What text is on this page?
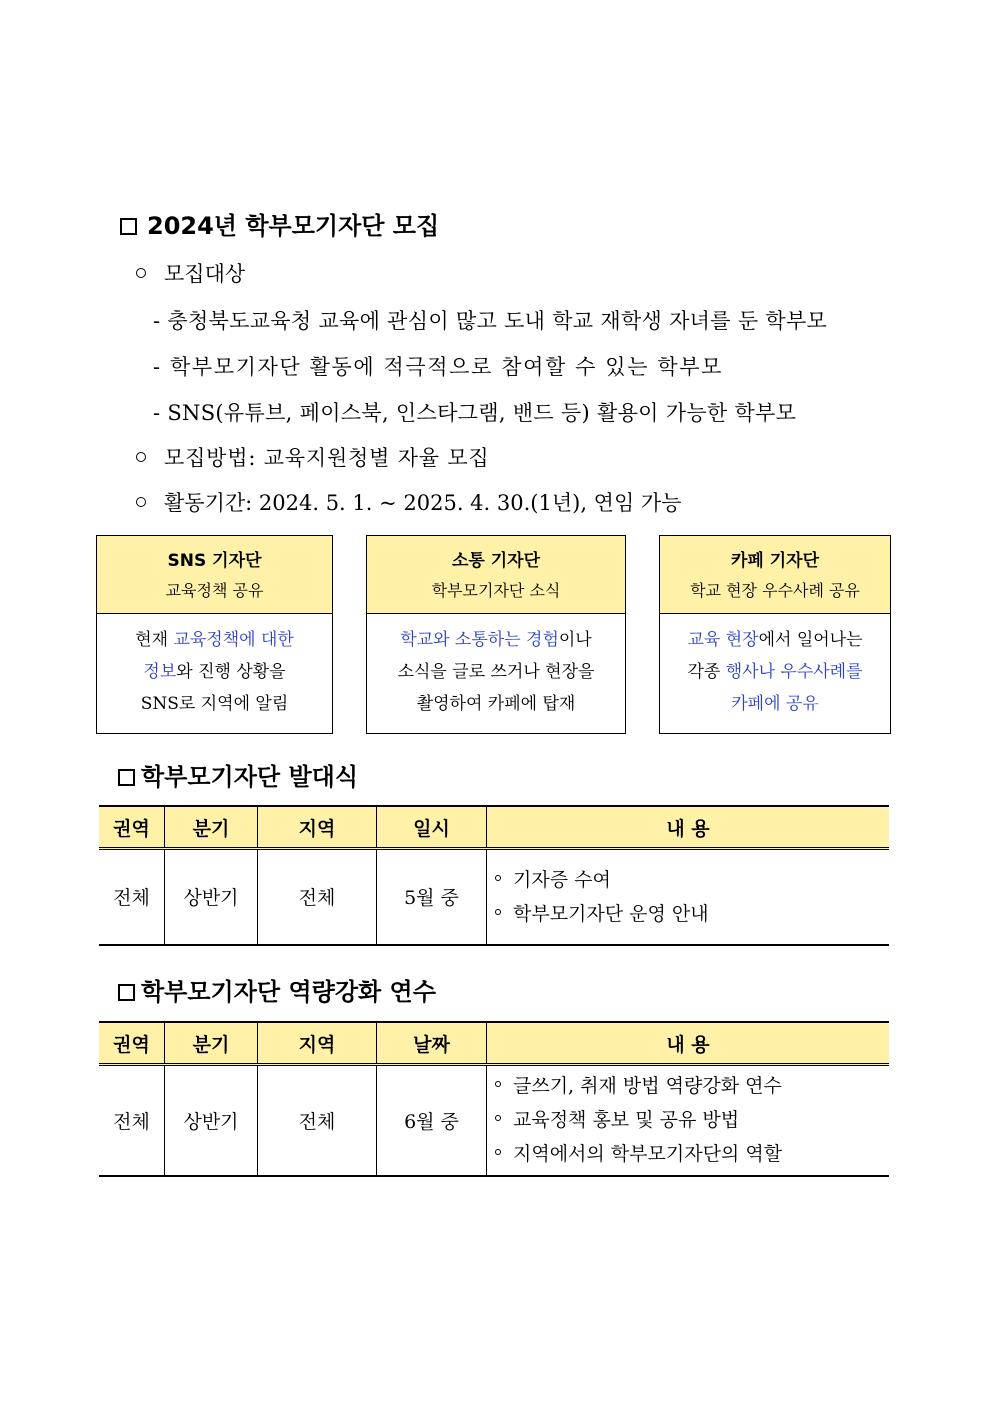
2024년 학부모기자단 모집
모집대상
- 충청북도교육청 교육에 관심이 많고 도내 학교 재학생 자녀를 둔 학부모
- 학부모기자단 활동에 적극적으로 참여할 수 있는 학부모
- SNS(유튜브, 페이스북, 인스타그램, 밴드 등) 활용이 가능한 학부모
모집방법: 교육지원청별 자율 모집
활동기간: 2024. 5. 1. ~ 2025. 4. 30.(1년), 연임 가능
SNS 기자단
교육정책 공유
현재 교육정책에 대한
정보와 진행 상황을
SNS로 지역에 알림
소통 기자단
학부모기자단 소식
학교와 소통하는 경험이나
소식을 글로 쓰거나 현장을
촬영하여 카페에 탑재
카페 기자단
학교 현장 우수사례 공유
교육 현장에서 일어나는
각종 행사나 우수사례를
카페에 공유
학부모기자단 발대식
권역	분기	지역	일시	내 용
전체	상반기	전체	5월 중	기자증 수여
학부모기자단 운영 안내
학부모기자단 역량강화 연수
권역	분기	지역	날짜	내 용
전체	상반기	전체	6월 중	글쓰기, 취재 방법 역량강화 연수
교육정책 홍보 및 공유 방법
지역에서의 학부모기자단의 역할
